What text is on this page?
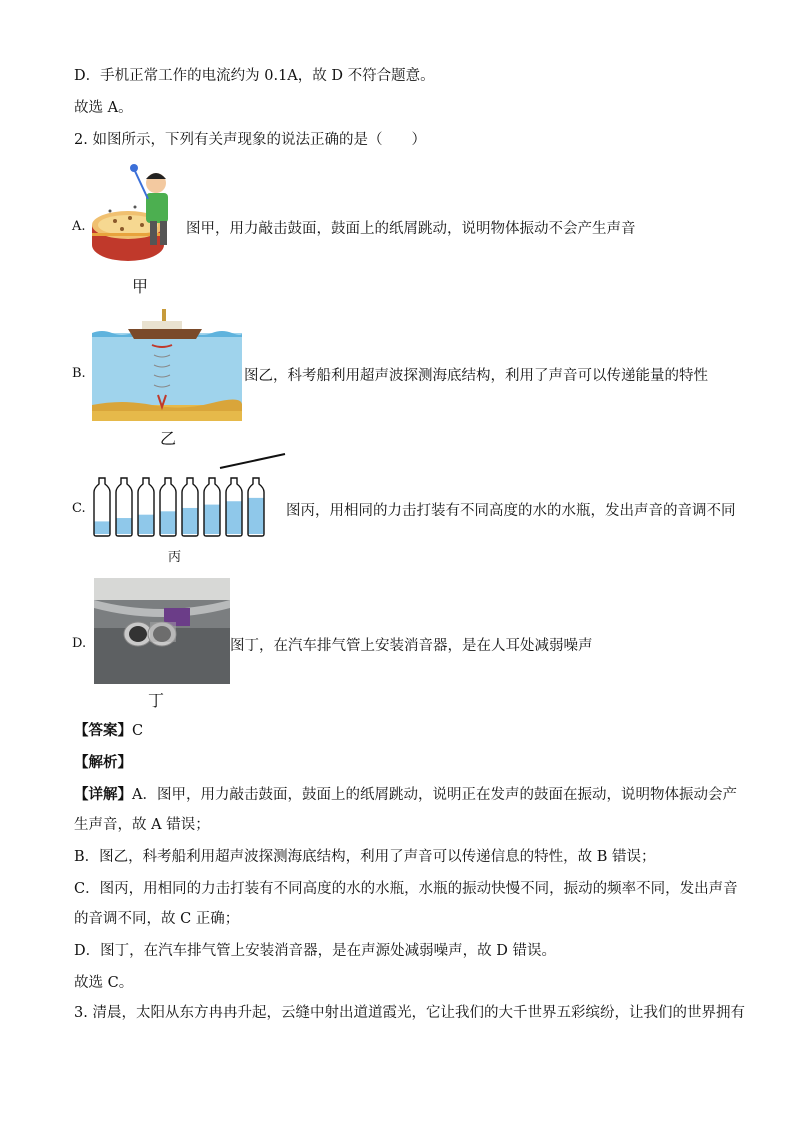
D．手机正常工作的电流约为 0.1A，故 D 不符合题意。
故选 A。
2. 如图所示，下列有关声现象的说法正确的是（　　）
A.
甲
图甲，用力敲击鼓面，鼓面上的纸屑跳动，说明物体振动不会产生声音
B.
乙
图乙，科考船利用超声波探测海底结构，利用了声音可以传递能量的特性
C.
丙
图丙，用相同的力击打装有不同高度的水的水瓶，发出声音的音调不同
D.
丁
图丁，在汽车排气管上安装消音器，是在人耳处减弱噪声
【答案】C
【解析】
【详解】A．图甲，用力敲击鼓面，鼓面上的纸屑跳动，说明正在发声的鼓面在振动，说明物体振动会产
生声音，故 A 错误；
B．图乙，科考船利用超声波探测海底结构，利用了声音可以传递信息的特性，故 B 错误；
C．图丙，用相同的力击打装有不同高度的水的水瓶，水瓶的振动快慢不同，振动的频率不同，发出声音
的音调不同，故 C 正确；
D．图丁，在汽车排气管上安装消音器，是在声源处减弱噪声，故 D 错误。
故选 C。
3. 清晨，太阳从东方冉冉升起，云缝中射出道道霞光，它让我们的大千世界五彩缤纷，让我们的世界拥有
